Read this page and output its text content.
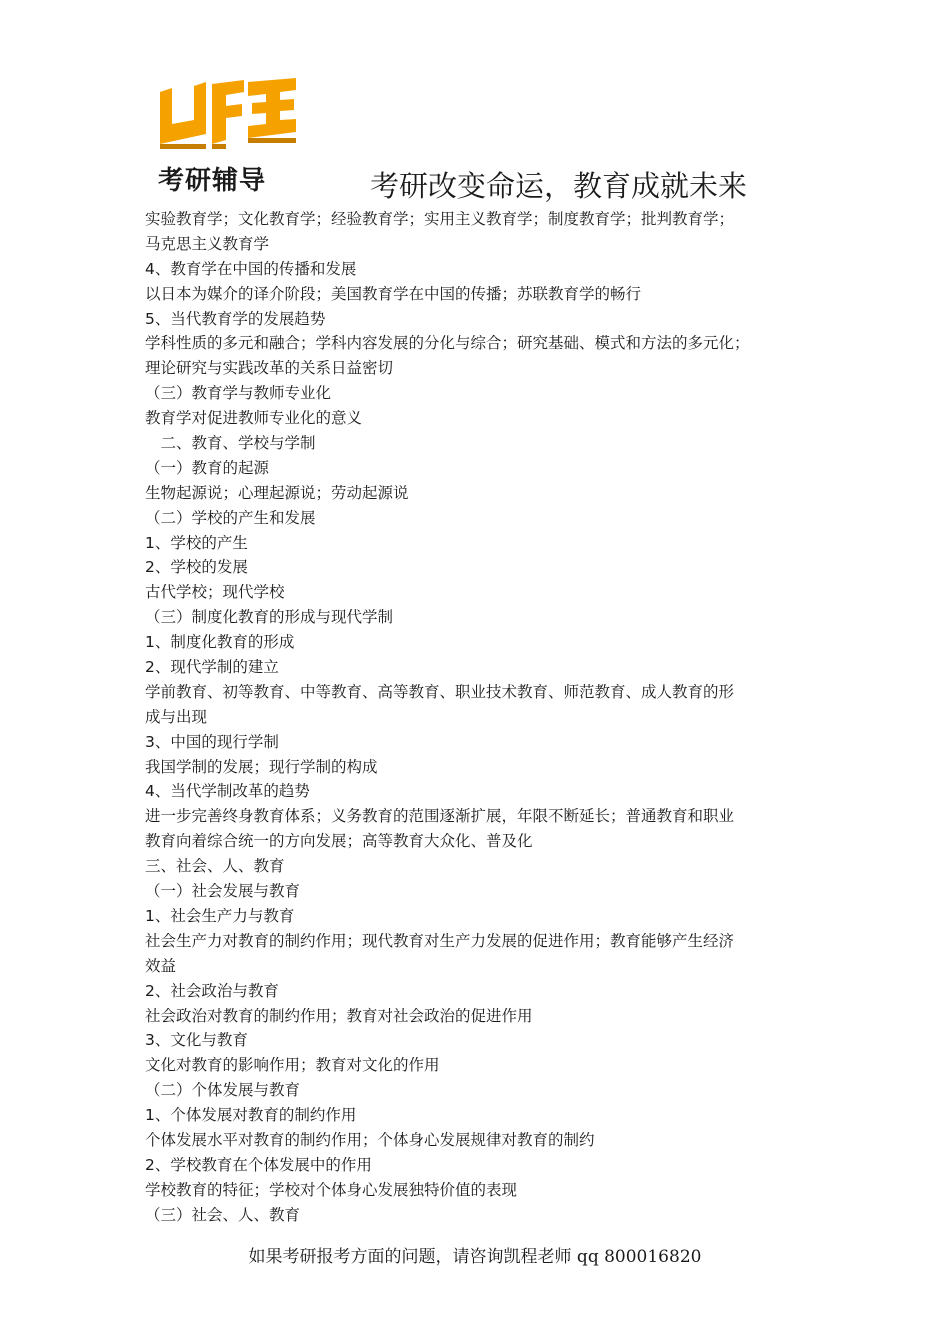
考研辅导	考研改变命运，教育成就未来
实验教育学；文化教育学；经验教育学；实用主义教育学；制度教育学；批判教育学；
马克思主义教育学
4、教育学在中国的传播和发展
以日本为媒介的译介阶段；美国教育学在中国的传播；苏联教育学的畅行
5、当代教育学的发展趋势
学科性质的多元和融合；学科内容发展的分化与综合；研究基础、模式和方法的多元化；
理论研究与实践改革的关系日益密切
（三）教育学与教师专业化
教育学对促进教师专业化的意义
　二、教育、学校与学制
（一）教育的起源
生物起源说；心理起源说；劳动起源说
（二）学校的产生和发展
1、学校的产生
2、学校的发展
古代学校；现代学校
（三）制度化教育的形成与现代学制
1、制度化教育的形成
2、现代学制的建立
学前教育、初等教育、中等教育、高等教育、职业技术教育、师范教育、成人教育的形
成与出现
3、中国的现行学制
我国学制的发展；现行学制的构成
4、当代学制改革的趋势
进一步完善终身教育体系；义务教育的范围逐渐扩展，年限不断延长；普通教育和职业
教育向着综合统一的方向发展；高等教育大众化、普及化
三、社会、人、教育
（一）社会发展与教育
1、社会生产力与教育
社会生产力对教育的制约作用；现代教育对生产力发展的促进作用；教育能够产生经济
效益
2、社会政治与教育
社会政治对教育的制约作用；教育对社会政治的促进作用
3、文化与教育
文化对教育的影响作用；教育对文化的作用
（二）个体发展与教育
1、个体发展对教育的制约作用
个体发展水平对教育的制约作用；个体身心发展规律对教育的制约
2、学校教育在个体发展中的作用
学校教育的特征；学校对个体身心发展独特价值的表现
（三）社会、人、教育
如果考研报考方面的问题，请咨询凯程老师 qq 800016820
